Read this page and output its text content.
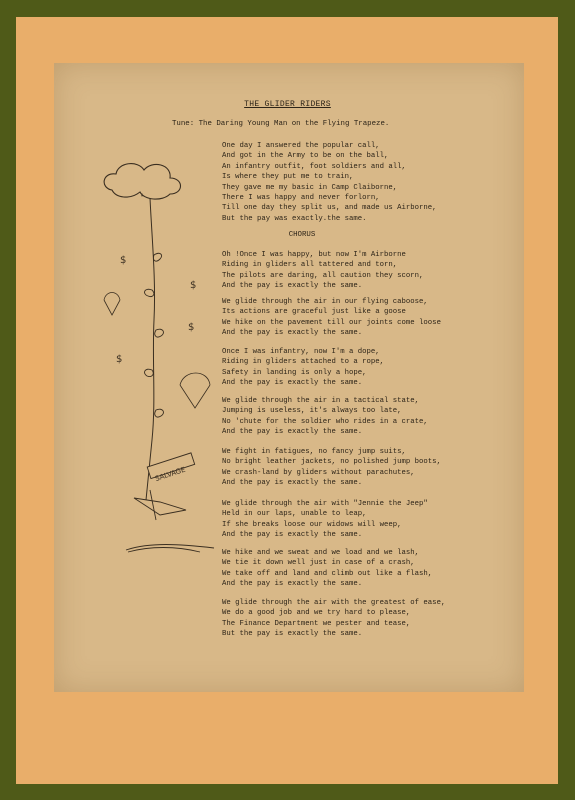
THE GLIDER RIDERS
Tune: The Daring Young Man on the Flying Trapeze.
One day I answered the popular call,
And got in the Army to be on the ball,
An infantry outfit, foot soldiers and all,
Is where they put me to train,
They gave me my basic in Camp Claiborne,
There I was happy and never forlorn,
Till one day they split us, and made us Airborne,
But the pay was exactly.the same.
CHORUS
Oh !Once I was happy, but now I'm Airborne
Riding in gliders all tattered and torn,
The pilots are daring, all caution they scorn,
And the pay is exactly the same.
We glide through the air in our flying caboose,
Its actions are graceful just like a goose
We hike on the pavement till our joints come loose
And the pay is exactly the same.
Once I was infantry, now I'm a dope,
Riding in gliders attached to a rope,
Safety in landing is only a hope,
And the pay is exactly the same.
We glide through the air in a tactical state,
Jumping is useless, it's always too late,
No 'chute for the soldier who rides in a crate,
And the pay is exactly the same.
We fight in fatigues, no fancy jump suits,
No bright leather jackets, no polished jump boots,
We crash-land by gliders without parachutes,
And the pay is exactly the same.
We glide through the air with "Jennie the Jeep"
Held in our laps, unable to leap,
If she breaks loose our widows will weep,
And the pay is exactly the same.
We hike and we sweat and we load and we lash,
We tie it down well just in case of a crash,
We take off and land and climb out like a flash,
And the pay is exactly the same.
We glide through the air with the greatest of ease,
We do a good job and we try hard to please,
The Finance Department we pester and tease,
But the pay is exactly the same.
$
$
$
$
SALVAGE
